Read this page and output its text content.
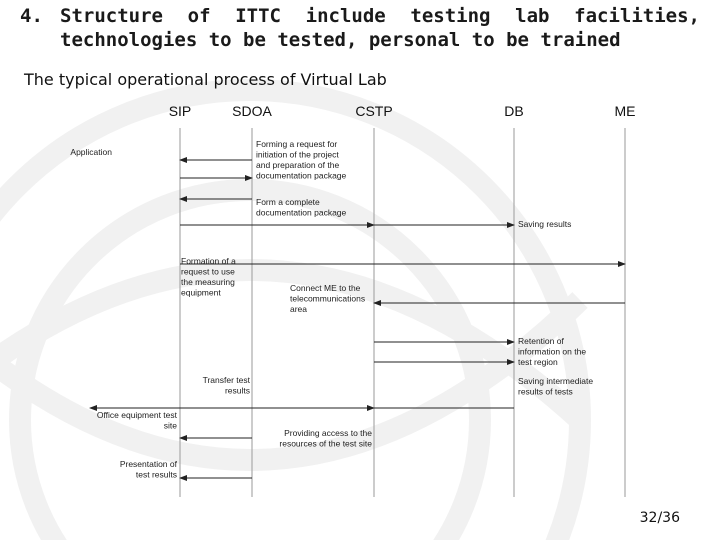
4. Structure of ITTC include testing lab facilities,
technologies to be tested, personal to be trained
The typical operational process of Virtual Lab
SIP	SDOA	CSTP	DB	ME
Application
Forming a request for
initiation of the project
and preparation of the
documentation package
Form a complete
documentation package
Saving results
Formation of a
request to use
the measuring
equipment	Connect ME to the
telecommunications
area
Retention of
information on the
test region
Saving intermediate
results of tests
Transfer test
results
Office equipment test
site
Providing access to the
resources of the test site
Presentation of
test results
32/36
